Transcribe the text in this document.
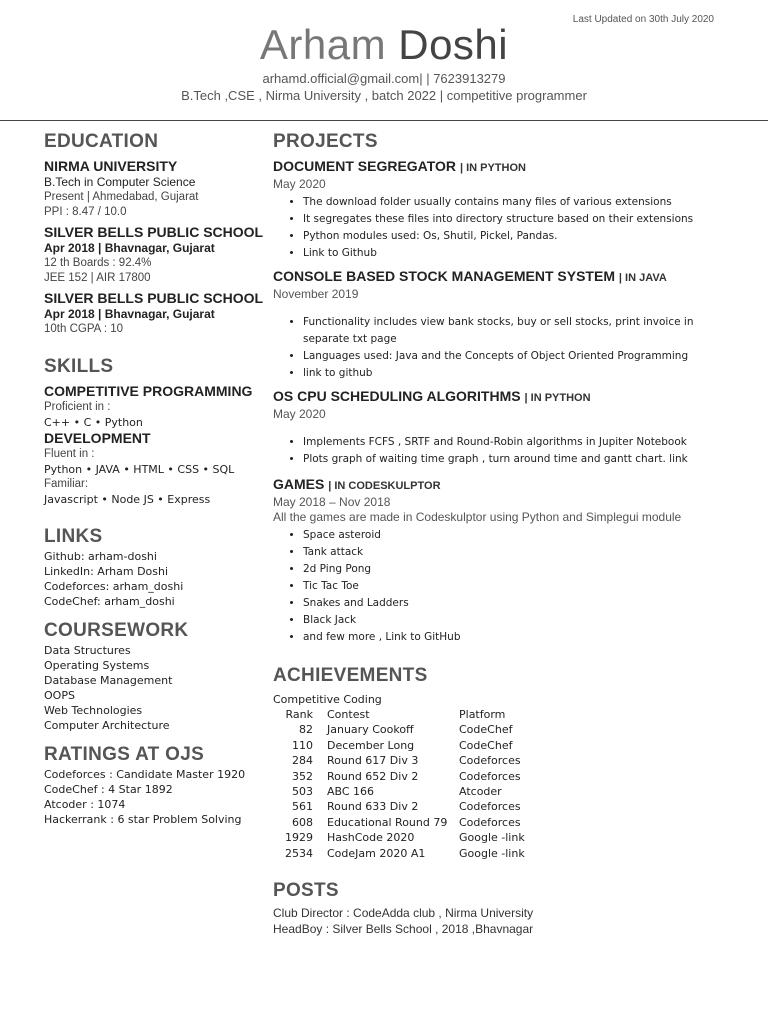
Last Updated on 30th July 2020
Arham Doshi
arhamd.official@gmail.com| | 7623913279
B.Tech ,CSE , Nirma University , batch 2022 | competitive programmer
EDUCATION
NIRMA UNIVERSITY
B.Tech in Computer Science
Present | Ahmedabad, Gujarat
PPI : 8.47 / 10.0
SILVER BELLS PUBLIC SCHOOL
Apr 2018 | Bhavnagar, Gujarat
12 th Boards : 92.4%
JEE 152 | AIR 17800
SILVER BELLS PUBLIC SCHOOL
Apr 2018 | Bhavnagar, Gujarat
10th CGPA : 10
SKILLS
COMPETITIVE PROGRAMMING
Proficient in :
C++ • C • Python
DEVELOPMENT
Fluent in :
Python • JAVA • HTML • CSS • SQL
Familiar:
Javascript • Node JS • Express
LINKS
Github: arham-doshi
LinkedIn: Arham Doshi
Codeforces: arham_doshi
CodeChef: arham_doshi
COURSEWORK
Data Structures
Operating Systems
Database Management
OOPS
Web Technologies
Computer Architecture
RATINGS AT OJS
Codeforces : Candidate Master 1920
CodeChef : 4 Star 1892
Atcoder : 1074
Hackerrank : 6 star Problem Solving
PROJECTS
DOCUMENT SEGREGATOR | IN PYTHON
May 2020
• The download folder usually contains many files of various extensions
• It segregates these files into directory structure based on their extensions
• Python modules used: Os, Shutil, Pickel, Pandas.
• Link to Github
CONSOLE BASED STOCK MANAGEMENT SYSTEM | IN JAVA
November 2019
• Functionality includes view bank stocks, buy or sell stocks, print invoice in separate txt page
• Languages used: Java and the Concepts of Object Oriented Programming
• link to github
OS CPU SCHEDULING ALGORITHMS | IN PYTHON
May 2020
• Implements FCFS , SRTF and Round-Robin algorithms in Jupiter Notebook
• Plots graph of waiting time graph , turn around time and gantt chart. link
GAMES | IN CODESKULPTOR
May 2018 – Nov 2018
All the games are made in Codeskulptor using Python and Simplegui module
• Space asteroid
• Tank attack
• 2d Ping Pong
• Tic Tac Toe
• Snakes and Ladders
• Black Jack
• and few more , Link to GitHub
ACHIEVEMENTS
Competitive Coding
Rank	Contest	Platform
82	January Cookoff	CodeChef
110	December Long	CodeChef
284	Round 617 Div 3	Codeforces
352	Round 652 Div 2	Codeforces
503	ABC 166	Atcoder
561	Round 633 Div 2	Codeforces
608	Educational Round 79	Codeforces
1929	HashCode 2020	Google -link
2534	CodeJam 2020 A1	Google -link
POSTS
Club Director : CodeAdda club , Nirma University
HeadBoy : Silver Bells School , 2018 ,Bhavnagar
